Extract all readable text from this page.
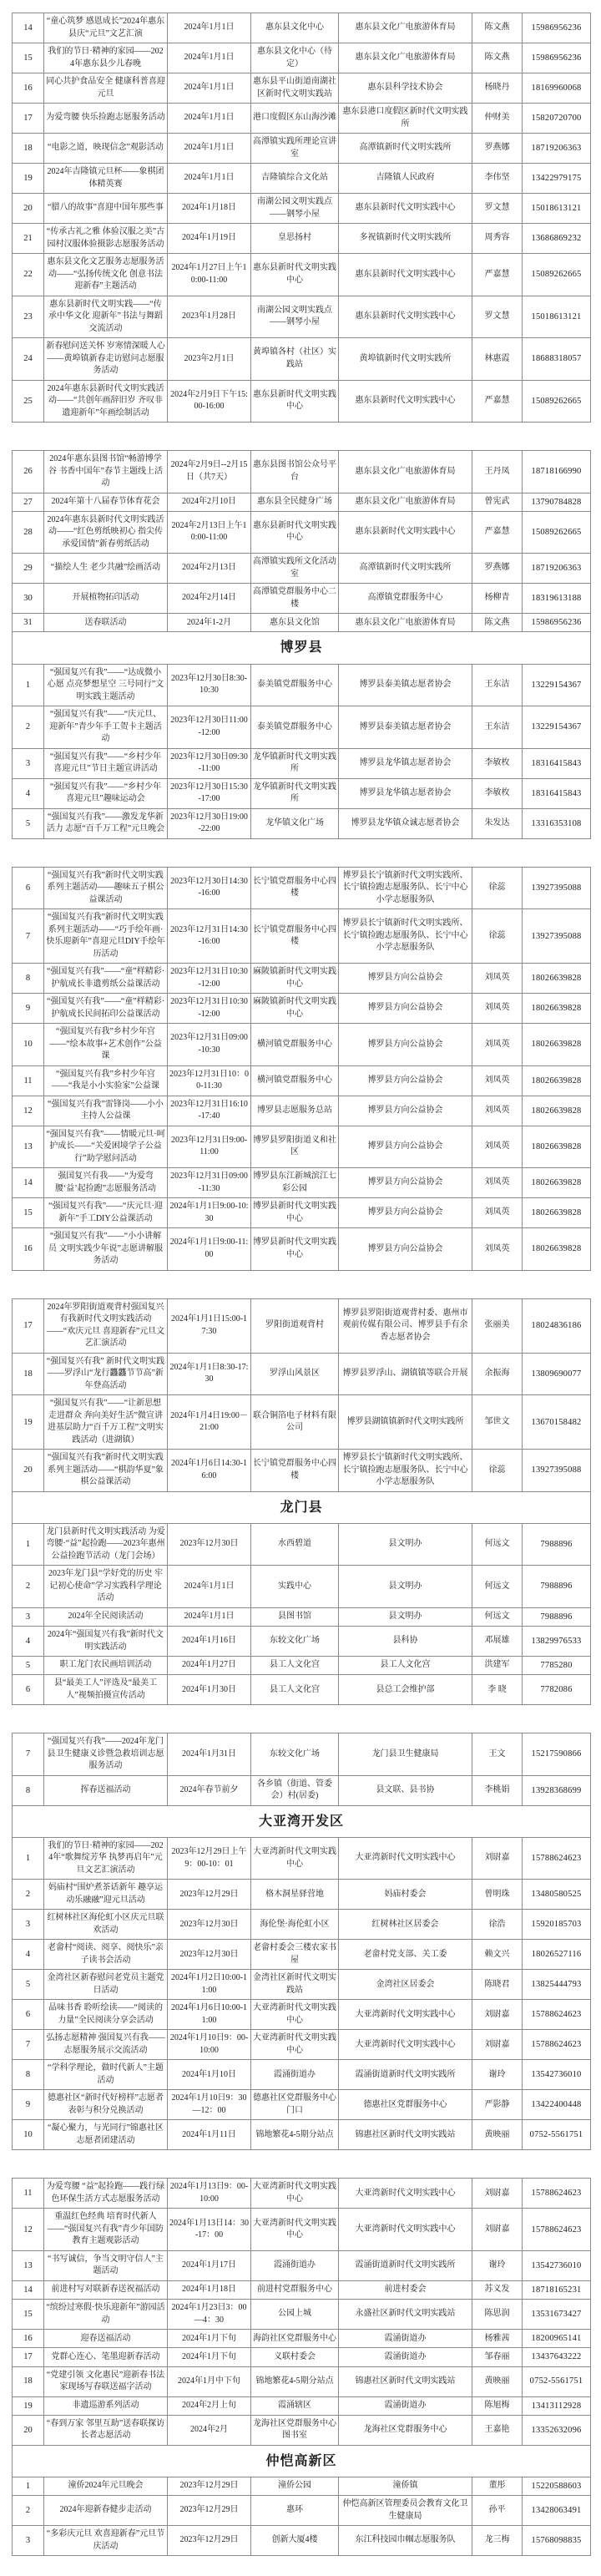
14	“童心筑梦 感恩成长”2024年惠东县庆“元旦”文艺汇演	2024年1月1日	惠东县文化中心	惠东县文化广电旅游体育局	陈文燕	15986956236
15	我们的节日·精神的家园——2024年惠东县少儿春晚	2024年1月1日	惠东县文化中心（待定）	惠东县文化广电旅游体育局	陈文燕	15986956236
16	同心共护食品安全 健康科普喜迎元旦	2024年1月1日	惠东县平山街道南湖社区新时代文明实践站	惠东县科学技术协会	杨晓丹	18169960068
17	为爱弯腰 快乐捡跑志愿服务活动	2024年1月1日	港口度假区东山海沙滩	惠东县港口度假区新时代文明实践所	仲财美	15820720700
18	“电影之道，映现信念”观影活动	2024年1月1日	高潭镇实践所理论宣讲室	高潭镇新时代文明实践所	罗燕娜	18719206363
19	2024年吉隆镇元旦杯——象棋团体精英赛	2024年1月1日	吉隆镇综合文化站	吉隆镇人民政府	李伟坚	13422979175
20	“腊八的故事”喜迎中国年那些事	2024年1月18日	南湖公园文明实践点——钢琴小屋	惠东县新时代文明实践中心	罗文慧	15018613121
21	“传承古礼之雅 体验汉服之美”古园村汉服体验摄影志愿服务活动	2024年1月19日	皇思扬村	多祝镇新时代文明实践所	周秀容	13686869232
22	惠东县文化文艺服务志愿服务活动——“弘扬传统文化 创意书法迎新春”主题活动	2024年1月27日上午10:00-11:00	惠东县新时代文明实践中心	惠东县新时代文明实践中心	严嘉慧	15089262665
23	惠东县新时代文明实践——“传承中华文化 迎新年”书法与舞蹈交流活动	2023年1月28日	南湖公园文明实践点——钢琴小屋	惠东县新时代文明实践中心	罗文慧	15018613121
24	新春慰问送关怀 岁寒情深暖人心——黄埠镇新春走访慰问志愿服务活动	2023年2月1日	黄埠镇各村（社区）实践站	黄埠镇新时代文明实践所	林惠霞	18688318057
25	2024年惠东县新时代文明实践活动——“共创年画辞旧岁 齐叹非遗迎新年”年画绘制活动	2024年2月9日下午15:00-16:00	惠东县新时代文明实践中心	惠东县新时代文明实践中心	严嘉慧	15089262665
26	2024年惠东县图书馆“畅游博学谷 书香中国年”春节主题线上活动	2024年2月9日--2月15日（共7天）	惠东县图书馆公众号平台	惠东县文化广电旅游体育局	王丹凤	18718166990
27	2024年第十八届春节体育花会	2024年2月10日	惠东县全民健身广场	惠东县文化广电旅游体育局	曾宪武	13790784828
28	2024年惠东县新时代文明实践活动——“红色剪纸映初心 指尖传承爱国情”新春剪纸活动	2024年2月13日上午10:00-11:00	惠东县新时代文明实践中心	惠东县新时代文明实践中心	严嘉慧	15089262665
29	“描绘人生 老少共融”绘画活动	2024年2月13日	高潭镇实践所文化活动室	高潭镇新时代文明实践所	罗燕娜	18719206363
30	开展植物拓印活动	2024年2月14日	高潭镇党群服务中心二楼	高潭镇党群服务中心	杨柳青	18319613188
31	送春联活动	2024年1-2月	惠东县文化馆	惠东县文化广电旅游体育局	陈文燕	15986956236
博罗县						
1	“强国复兴有我”——“达成微小心愿 点亮梦想星空 三号同行”文明实践主题活动	2023年12月30日8:30-10:30	泰美镇党群服务中心	博罗县泰美镇志愿者协会	王东洁	13229154367
2	“强国复兴有我”——“庆元旦、迎新年”青少年手工贺卡主题活动	2023年12月30日11:00-12:00	泰美镇党群服务中心	博罗县泰美镇志愿者协会	王东洁	13229154367
3	“强国复兴有我”——“乡村少年 喜迎元旦”节日主题宣讲活动	2023年12月30日09:30-11:00	龙华镇新时代文明实践所	博罗县龙华镇志愿者协会	李敏枚	18316415843
4	“强国复兴有我”——“乡村少年 喜迎元旦”趣味运动会	2023年12月30日15:30-17:00	龙华镇新时代文明实践所	博罗县龙华镇志愿者协会	李敏枚	18316415843
5	“强国复兴有我”——激发龙华新活力 志愿“百千万工程”元旦晚会	2023年12月30日19:00-22:00	龙华镇文化广场	博罗县龙华镇众诚志愿者协会	朱发达	13316353108
6	“强国复兴有我”新时代文明实践系列主题活动——趣味五子棋公益课活动	2023年12月30日14:30-16:00	长宁镇党群服务中心四楼	博罗县长宁镇新时代文明实践所、长宁镇捡跑志愿服务队、长宁中心小学志愿服务队	徐蕊	13927395088
7	“强国复兴有我”新时代文明实践系列主题活动——“巧手绘年画·快乐迎新年”喜迎元旦DIY手绘年历活动	2023年12月31日14:30-16:00	长宁镇党群服务中心四楼	博罗县长宁镇新时代文明实践所、长宁镇捡跑志愿服务队、长宁中心小学志愿服务队	徐蕊	13927395088
8	“强国复兴有我”——“童”样精彩·护航成长非遗剪纸公益课活动	2023年12月31日10:30-12:00	麻陂镇新时代文明实践中心	博罗县方向公益协会	刘凤英	18026639828
9	“强国复兴有我”——“童”样精彩·护航成长民间拓印公益课活动	2023年12月31日10:30-12:00	麻陂镇新时代文明实践中心	博罗县方向公益协会	刘凤英	18026639828
10	“强国复兴有我”乡村少年宫——“绘本故事+艺术创作”公益课	2023年12月31日09:00-10:30	横河镇党群服务中心	博罗县方向公益协会	刘凤英	18026639828
11	“强国复兴有我”乡村少年宫——“我是小小实验家”公益课	2023年12月31日10：00-11:30	横河镇党群服务中心	博罗县方向公益协会	刘凤英	18026639828
12	“强国复兴有我”雷锋岗——小小主持人公益课	2023年12月31日16:10-17:40	博罗县志愿服务总站	博罗县方向公益协会	刘凤英	18026639828
13	“强国复兴有我”——情暖元旦·呵护成长——“关爱困境学子公益行”助学慰问活动	2023年12月31日9:00-11:00	博罗县罗阳街道义和社区	博罗县方向公益协会	刘凤英	18026639828
14	强国复兴有我——“为爱弯腰‘益’起捡跑”志愿服务活动	2023年12月31日09:00-11:30	博罗县东江新城滨江七彩公园	博罗县方向公益协会	刘凤英	18026639828
15	“强国复兴有我”——“庆元旦·迎新年”手工DIY公益课活动	2024年1月1日9:00-10:30	博罗县新时代文明实践中心	博罗县方向公益协会	刘凤英	18026639828
16	“强国复兴有我”——“小小讲解员 文明实践少年说”志愿讲解服务活动	2024年1月1日9:00-11:00	博罗县新时代文明实践中心	博罗县方向公益协会	刘凤英	18026639828
17	2024年罗阳街道观背村强国复兴有我新时代文明实践活动——“欢庆元旦 喜迎新春”元旦文艺汇演活动	2024年1月1日15:00-17:30	罗阳街道观背村	博罗县罗阳街道观背村委、惠州市观前传媒有限公司、博罗县手有余香志愿者协会	张丽美	18024836186
18	“强国复兴有我” 新时代文明实践——罗浮山“龙行龘龘节节高”新年登高活动	2024年1月1日8:30-17:30	罗浮山风景区	博罗县罗浮山、湖镇镇等联合开展	余振海	13809690077
19	“强国复兴有我”——“让新思想走进群众 奔向美好生活”微宣讲进基层助力“百千万工程”文明实践活动（进湖镇）	2024年1月4日19:00－21:00	联合铜箔电子材料有限公司	博罗县湖镇镇新时代文明实践所	邹世文	13670158482
20	“强国复兴有我”新时代文明实践系列主题活动——“棋韵华夏”象棋公益课活动	2024年1月6日14:30-16:00	长宁镇党群服务中心四楼	博罗县长宁镇新时代文明实践所、长宁镇捡跑志愿服务队、长宁中心小学志愿服务队	徐蕊	13927395088
龙门县						
1	龙门县新时代文明实践活动 为爱弯腰·“益”起捡跑——2023年惠州公益捡跑节活动（龙门会场）	2023年12月30日	水西碧道	县文明办	何远文	7988896
2	2023年龙门县“学好党的历史 牢记初心使命”学习实践科学理论活动	2024年1月1日	实践中心	县文明办	何远文	7988896
3	2024年全民阅读活动	2024年1月1日	县图书馆	县文明办	何远文	7988896
4	2024年“强国复兴有我”新时代文明实践活动	2024年1月16日	东较文化广场	县科协	邓展雄	13829976533
5	职工龙门农民画培训活动	2024年1月27日	县工人文化宫	县工人文化宫	洪建军	7785280
6	县“最美工人”评选及“最美工人”视频拍摄宣传活动	2024年1月30日	县工人文化宫	县总工会维护部	李 晓	7782086
7	“强国复兴有我”——2024年龙门县卫生健康义诊暨急救培训志愿服务活动	2024年1月31日	东较文化广场	龙门县卫生健康局	王文	15217590866
8	挥春送福活动	2024年春节前夕	各乡镇（街道、管委会）村(居委)	县文联、县书协	李桃娟	13928368699
大亚湾开发区						
1	我们的节日·精神的家园——2024年“歌舞绽芳华 执梦再启年”元旦文艺汇演活动	2023年12月29日上午9：00-10：01	大亚湾新时代文明实践中心	大亚湾新时代文明实践中心	刘尉嘉	15788624623
2	妈庙村“围炉煮茶话新年 趣享运动乐融融”迎元旦活动	2023年12月29日	格木洞星驿营地	妈庙村委会	曾明珠	13480580525
3	红树林社区海伦虹小区庆元旦联欢活动	2023年12月30日	海伦堡·海伦虹小区	红树林社区居委会	徐浩	15920185703
4	老畲村“阅读、阅享、阅快乐”亲子读书会活动	2023年12月30日	老畲村委会三楼农家书屋	老畲村党支部、关工委	赖文兴	18026527116
5	金湾社区新春慰问老党员主题党日活动	2024年1月2日10:00-11:00	金湾社区新时代文明实践站	金湾社区居委会	陈晓君	13825444793
6	品味书香 聆听绘读——“阅读的力量”全民阅读分享会活动	2024年1月6日10:00-11:00	大亚湾新时代文明实践中心	大亚湾新时代文明实践中心	刘尉嘉	15788624623
7	弘扬志愿精神 强国复兴有我——志愿服务展示交流活动	2024年1月10日9：00-10:00	大亚湾新时代文明实践中心	大亚湾新时代文明实践中心	刘尉嘉	15788624623
8	“学科学理论，做时代新人”主题活动	2024年1月10日	霞涌街道办	霞涌街道新时代文明实践所	谢玲	13542736010
9	德惠社区“新时代好榜样”志愿者表彰与积分兑换活动	2024年1月10日9：30—12：00	德惠社区党群服务中心门口	德惠社区党群服务中心	严影静	13422400448
10	“凝心聚力，与光同行”锦惠社区志愿者团建活动	2024年1月11日	锦地繁花4-5期分站点	锦惠社区新时代文明实践站	黄映丽	0752-5561751
11	为爱弯腰 “益”起捡跑——践行绿色环保生活方式志愿服务活动	2024年1月13日9：00-10:00	大亚湾新时代文明实践中心	大亚湾新时代文明实践中心	刘尉嘉	15788624623
12	重温红色经典 培育时代新人——“强国复兴有我”青少年国防教育主题观影活动	2024年1月13日14：30-17：00	大亚湾新时代文明实践中心	大亚湾新时代文明实践中心	刘尉嘉	15788624623
13	“书写诚信，争当文明守信人”主题活动	2024年1月17日	霞涌街道办	霞涌街道新时代文明实践所	谢玲	13542736010
14	前进村写对联新春送祝福活动	2024年1月18日	前进村党群服务中心	前进村委会	苏义发	18718165231
15	“缤纷过寒假·快乐迎新年”游园活动	2024年1月23日3：00—4：30	公园上城	永盛社区新时代文明实践站	陈思润	13531673427
16	迎春送福活动	2024年1月下旬	海韵社区党群服务中心	霞涌街道办	杨雅茜	18200965141
17	党群心连心、笔墨迎新春活动	2024年1月下旬	义联村委会	霞涌街道办	邹春丽	13437643222
18	“党建引领 文化惠民”迎新春书法家现场写春联送福字活动	2024年1月中下旬	锦地繁花4-5期分站点	锦惠社区新时代文明实践站	黄映丽	0752-5561751
19	非遗巡游系列活动	2024年2月上旬	霞涌辖区	霞涌街道办	陈旭梅	13413112928
20	“春到万家 邻里互助”送春联探访长者志愿活动	2024年2月	龙海社区党群服务中心图书室	龙海社区党群服务中心	王嘉艳	13352632096
仲恺高新区						
1	潼侨2024年元旦晚会	2023年12月29日	潼侨公园	潼侨镇	董彤	15220588603
2	2024年迎新春健步走活动	2023年12月29日	惠环	仲恺高新区管理委员会教育文化卫生健康局	孙平	13428063491
3	“多彩庆元旦 欢喜迎新春”元旦节庆活动	2023年12月29日	创新大厦4楼	东江科技园巾帼志愿服务队	龙三梅	15768098835
